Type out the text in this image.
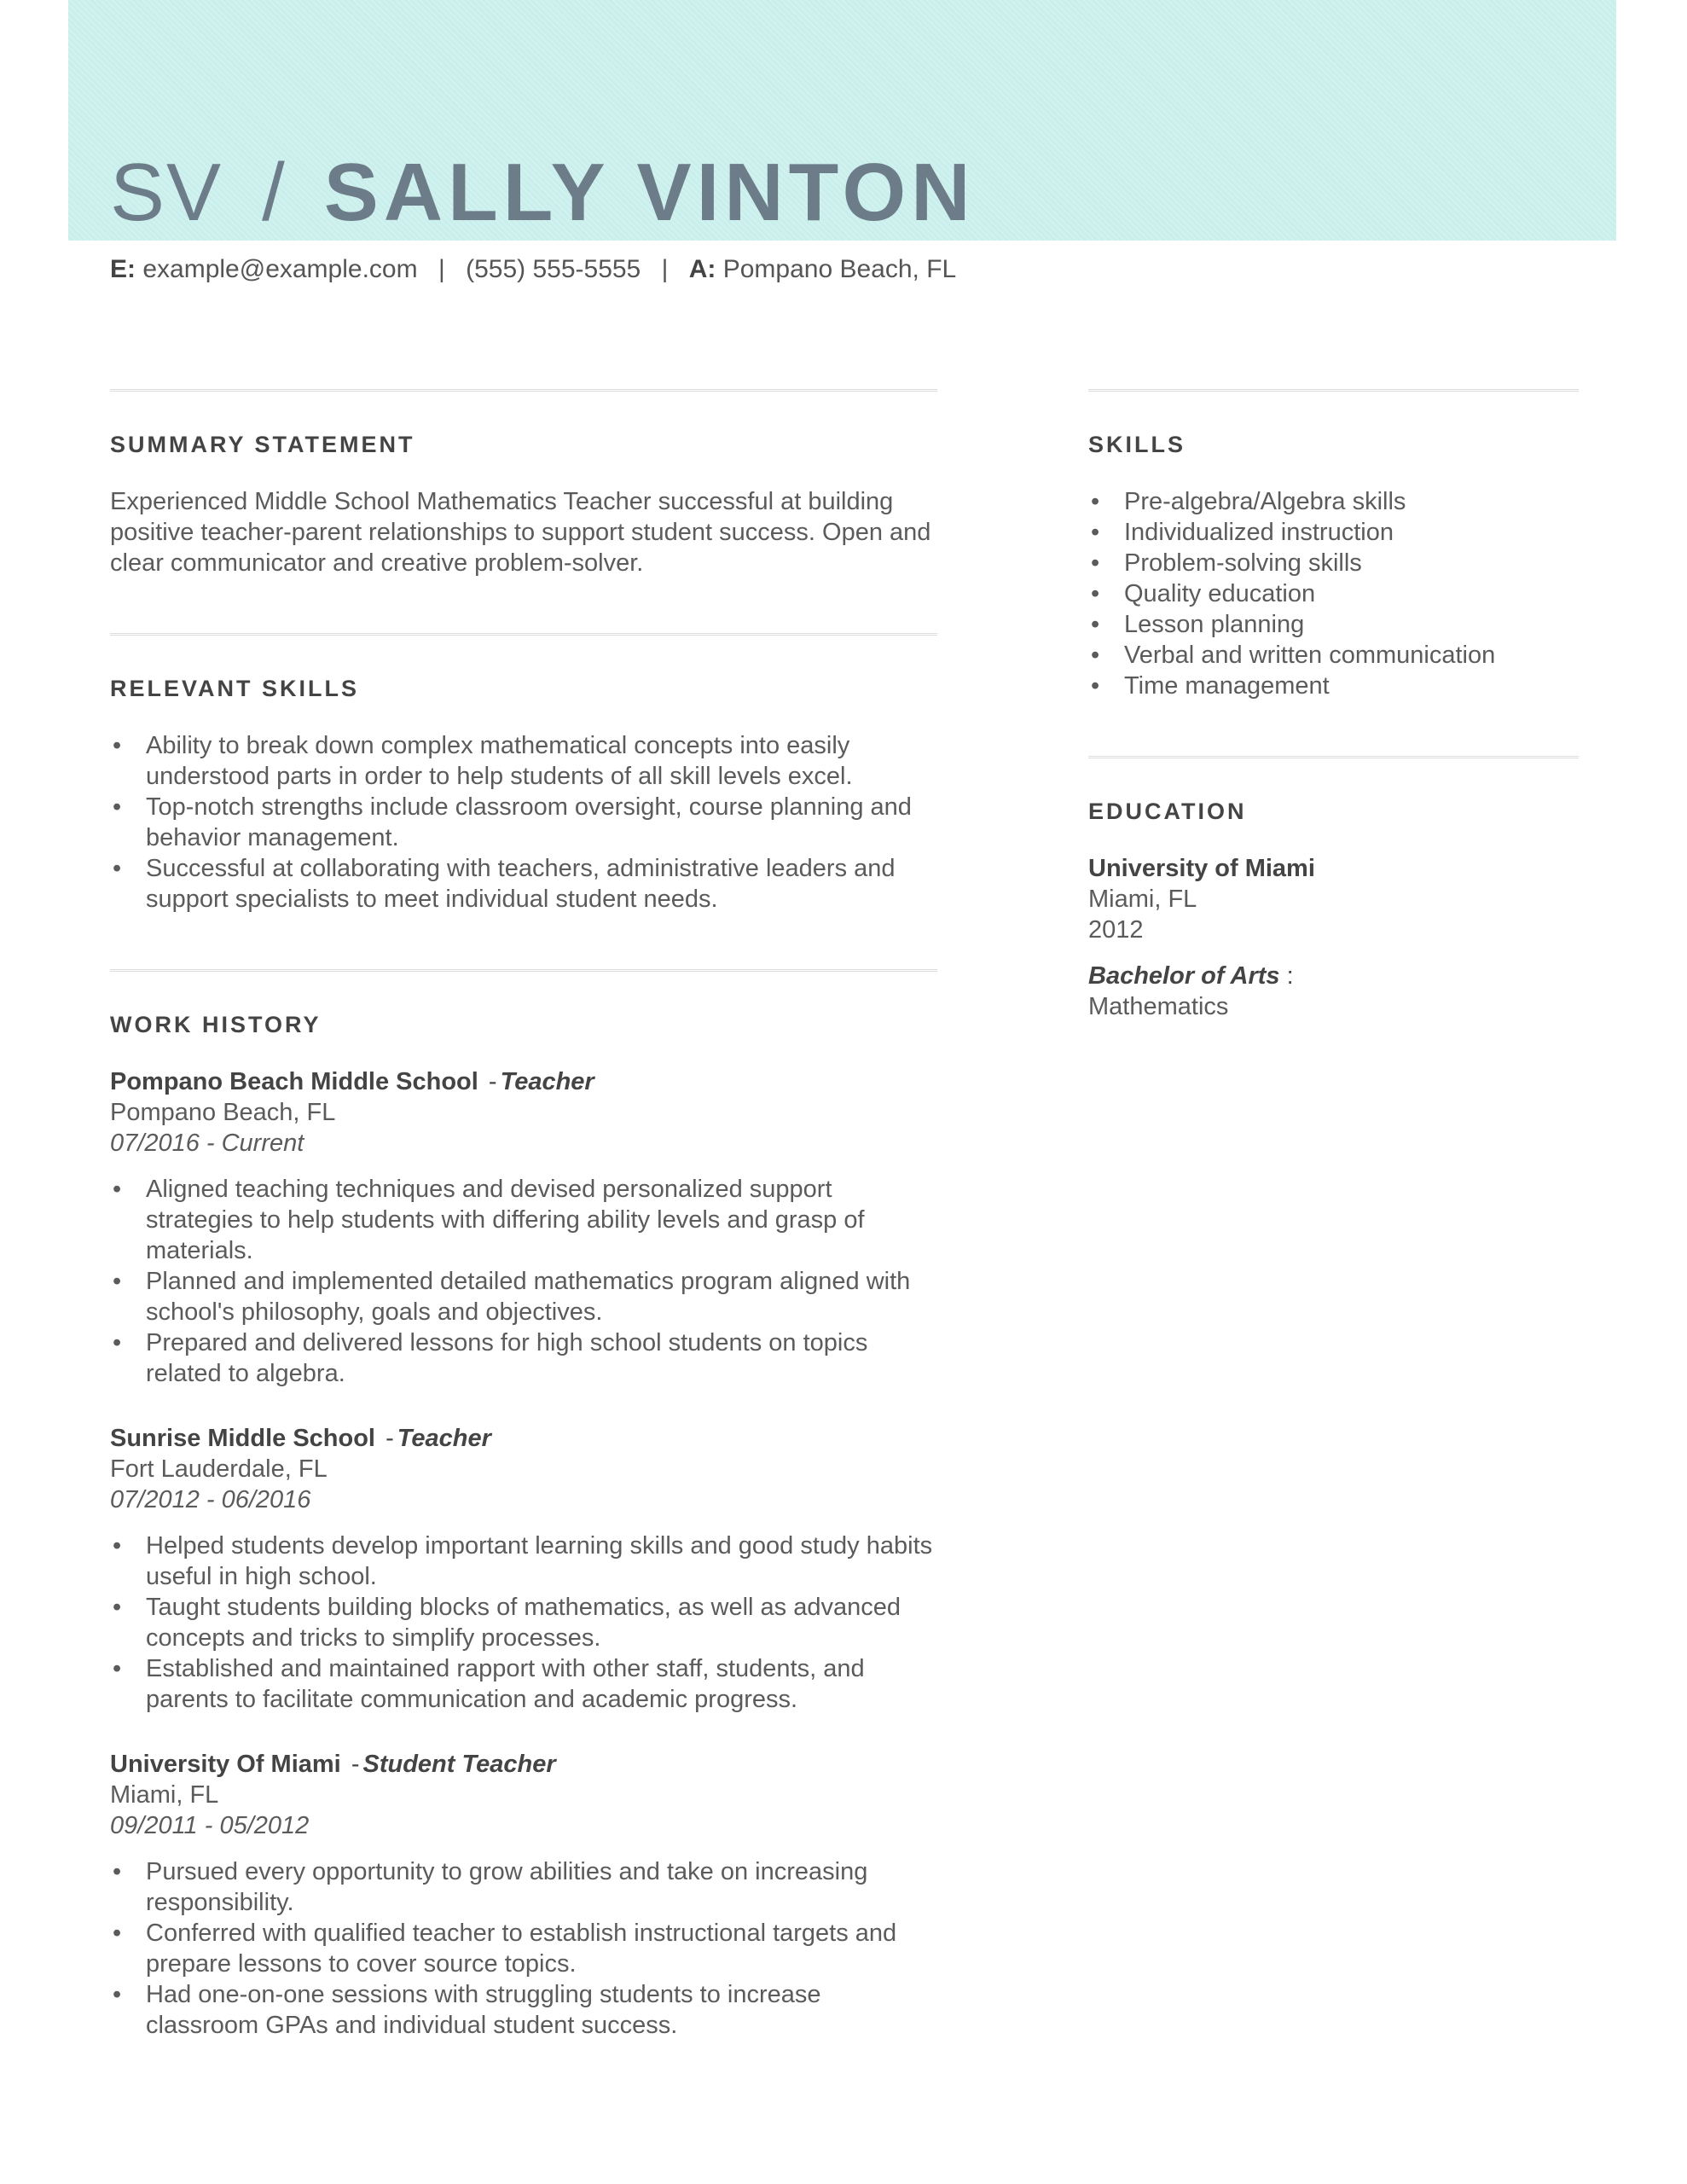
SV / SALLY VINTON
E: example@example.com | (555) 555-5555 | A: Pompano Beach, FL
SUMMARY STATEMENT
Experienced Middle School Mathematics Teacher successful at building positive teacher-parent relationships to support student success. Open and clear communicator and creative problem-solver.
RELEVANT SKILLS
• Ability to break down complex mathematical concepts into easily understood parts in order to help students of all skill levels excel.
• Top-notch strengths include classroom oversight, course planning and behavior management.
• Successful at collaborating with teachers, administrative leaders and support specialists to meet individual student needs.
WORK HISTORY
Pompano Beach Middle School - Teacher
Pompano Beach, FL
07/2016 - Current
• Aligned teaching techniques and devised personalized support strategies to help students with differing ability levels and grasp of materials.
• Planned and implemented detailed mathematics program aligned with school's philosophy, goals and objectives.
• Prepared and delivered lessons for high school students on topics related to algebra.
Sunrise Middle School - Teacher
Fort Lauderdale, FL
07/2012 - 06/2016
• Helped students develop important learning skills and good study habits useful in high school.
• Taught students building blocks of mathematics, as well as advanced concepts and tricks to simplify processes.
• Established and maintained rapport with other staff, students, and parents to facilitate communication and academic progress.
University Of Miami - Student Teacher
Miami, FL
09/2011 - 05/2012
• Pursued every opportunity to grow abilities and take on increasing responsibility.
• Conferred with qualified teacher to establish instructional targets and prepare lessons to cover source topics.
• Had one-on-one sessions with struggling students to increase classroom GPAs and individual student success.
SKILLS
• Pre-algebra/Algebra skills
• Individualized instruction
• Problem-solving skills
• Quality education
• Lesson planning
• Verbal and written communication
• Time management
EDUCATION
University of Miami
Miami, FL
2012
Bachelor of Arts :
Mathematics
